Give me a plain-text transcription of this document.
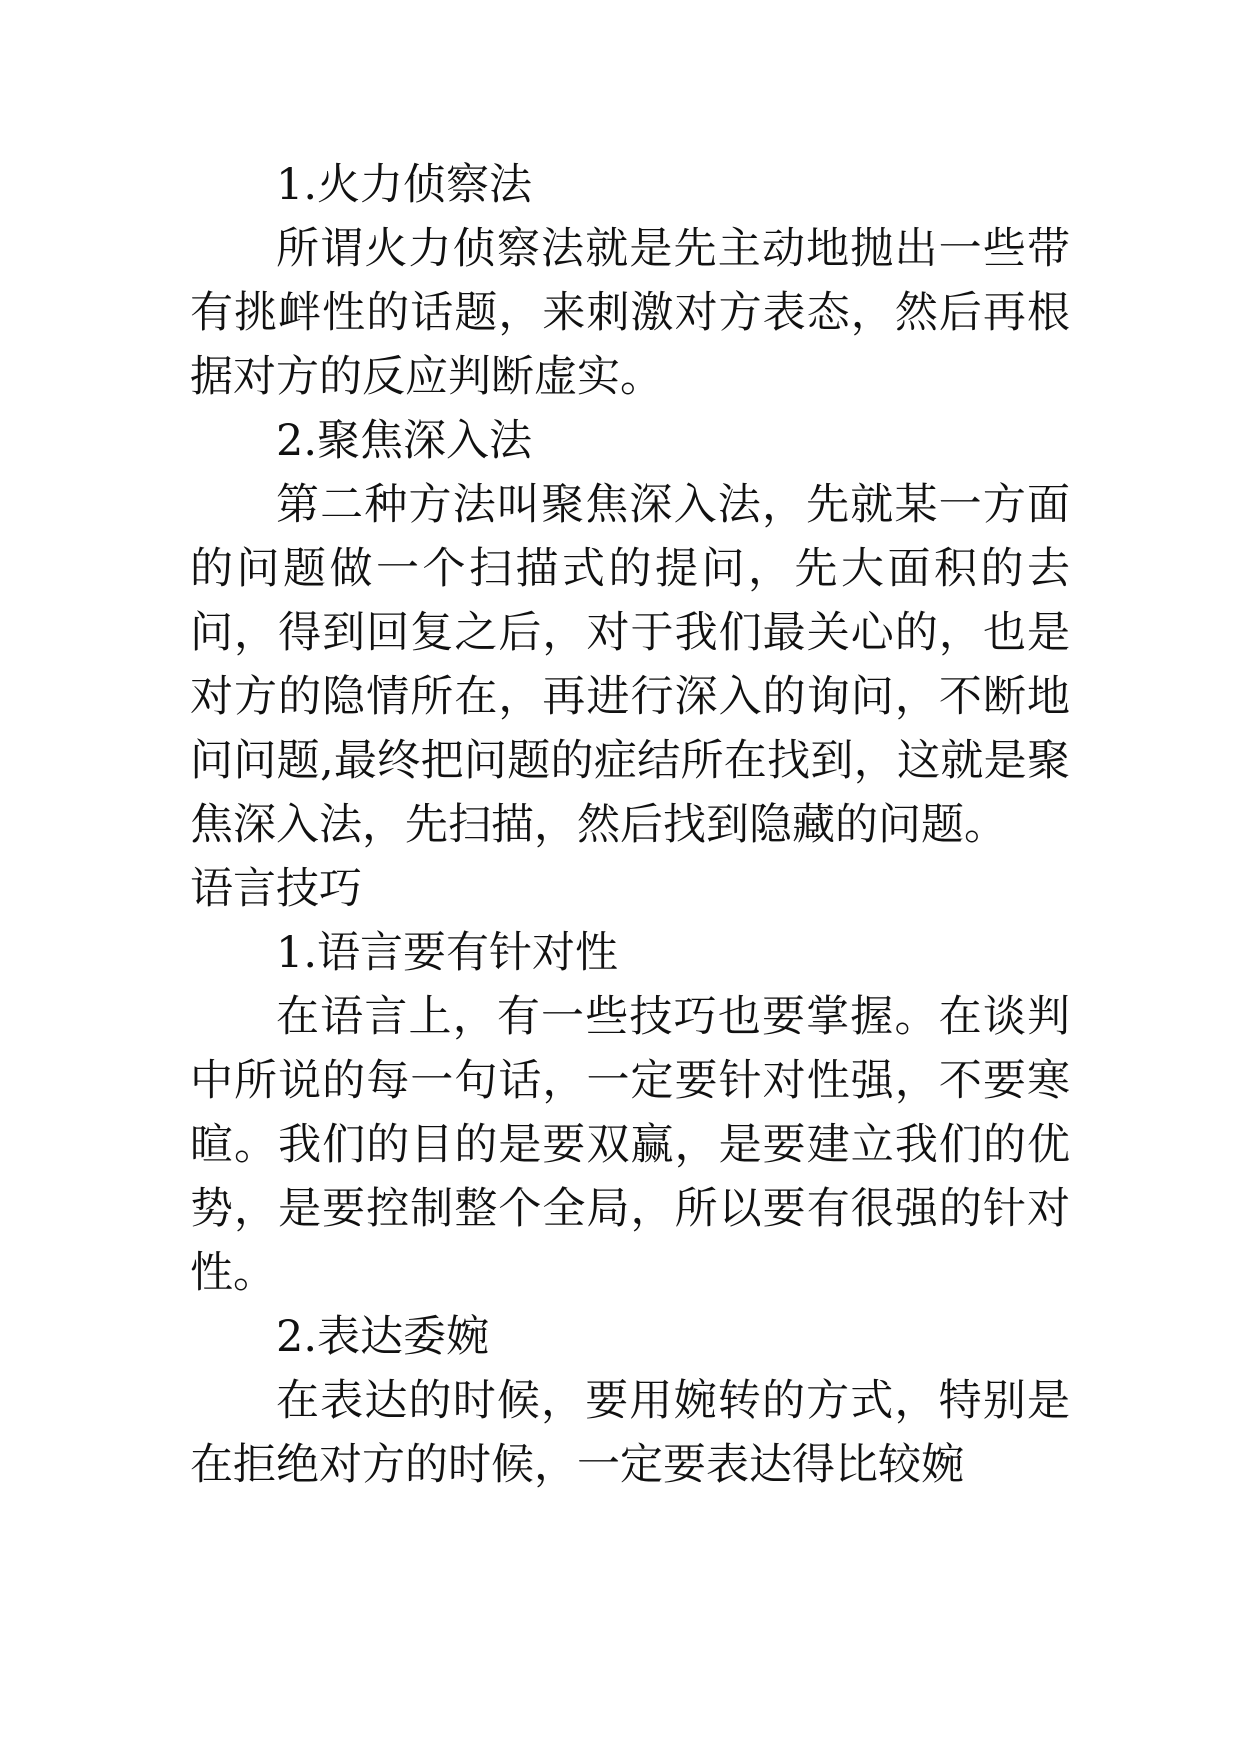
1.火力侦察法

所谓火力侦察法就是先主动地抛出一些带有挑衅性的话题，来刺激对方表态，然后再根据对方的反应判断虚实。

2.聚焦深入法

第二种方法叫聚焦深入法，先就某一方面的问题做一个扫描式的提问，先大面积的去问，得到回复之后，对于我们最关心的，也是对方的隐情所在，再进行深入的询问，不断地问问题,最终把问题的症结所在找到，这就是聚焦深入法，先扫描，然后找到隐藏的问题。

语言技巧

1.语言要有针对性

在语言上，有一些技巧也要掌握。在谈判中所说的每一句话，一定要针对性强，不要寒暄。我们的目的是要双赢，是要建立我们的优势，是要控制整个全局，所以要有很强的针对性。

2.表达委婉

在表达的时候，要用婉转的方式，特别是在拒绝对方的时候，一定要表达得比较婉
